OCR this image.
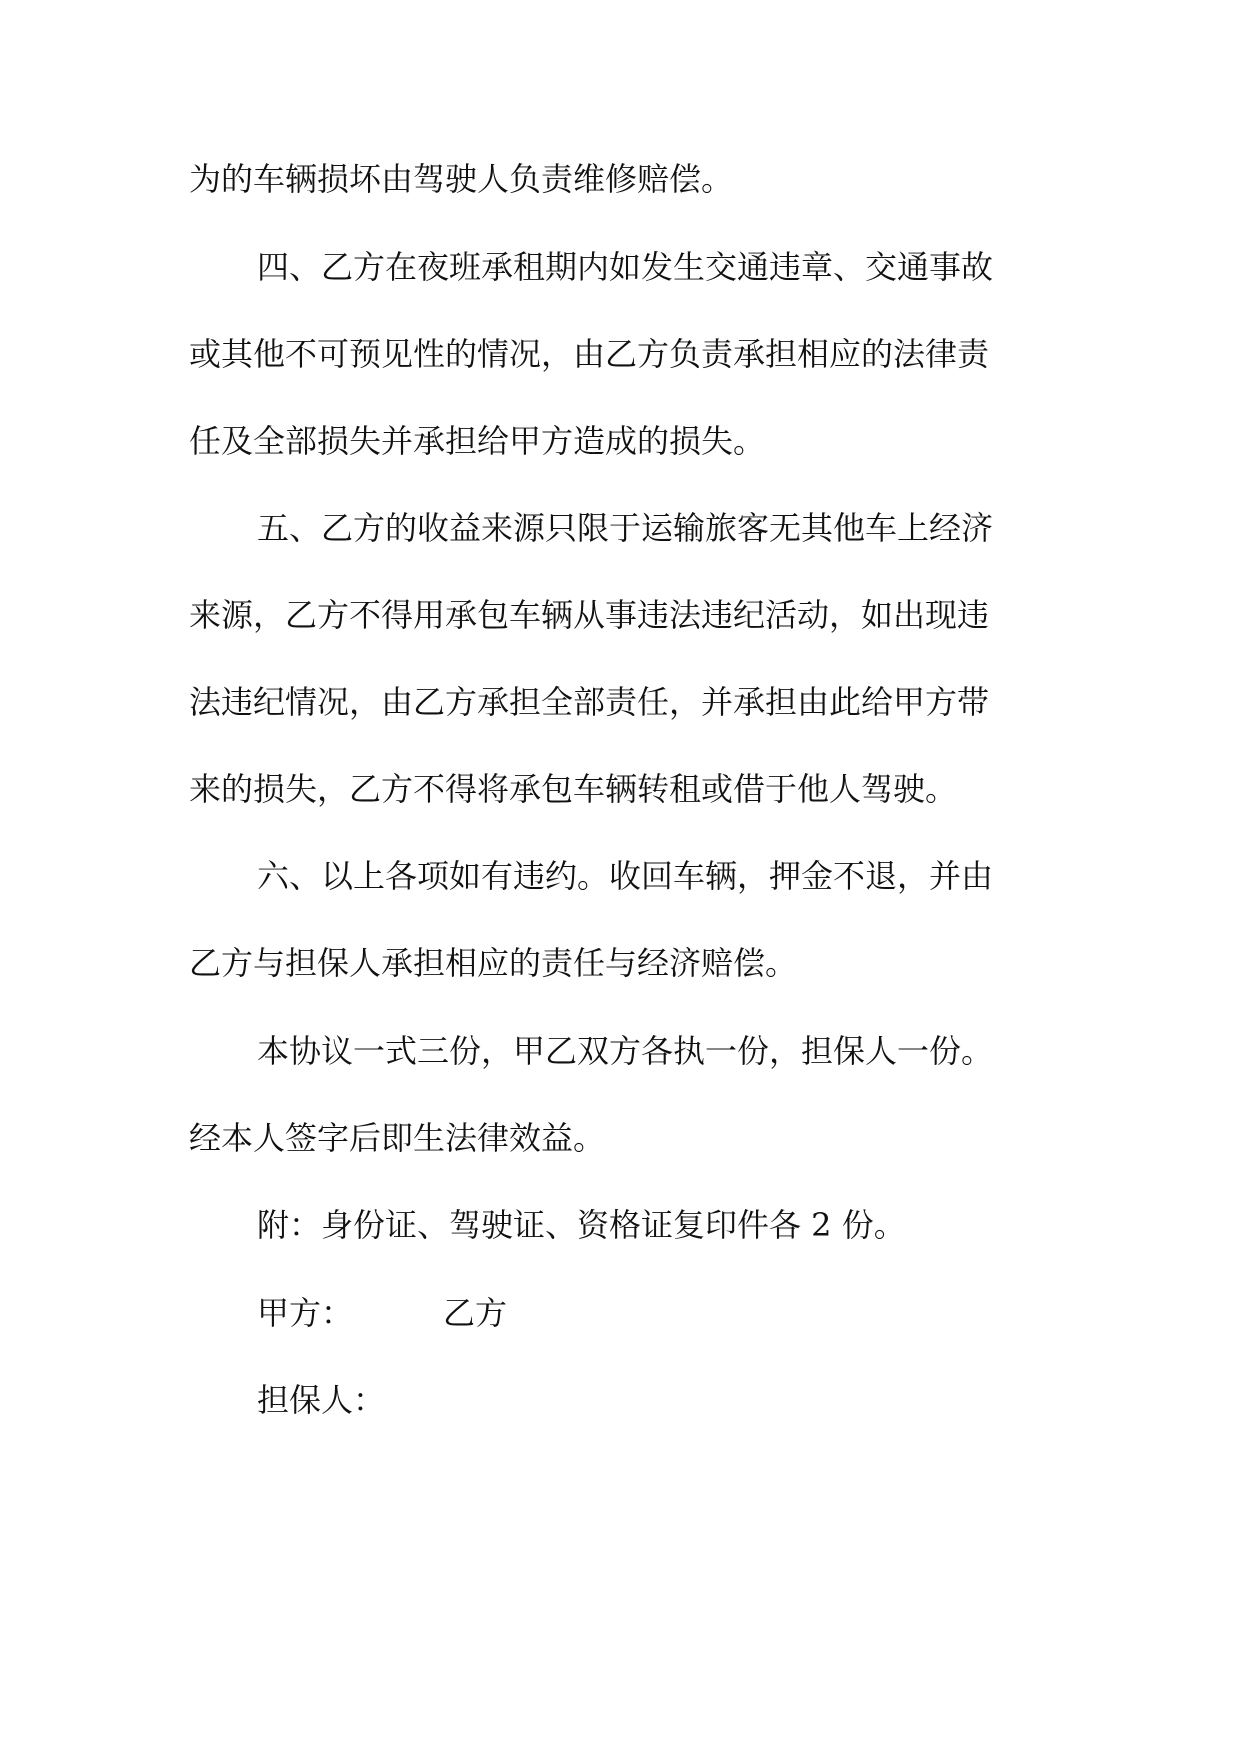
为的车辆损坏由驾驶人负责维修赔偿。
四、乙方在夜班承租期内如发生交通违章、交通事故
或其他不可预见性的情况，由乙方负责承担相应的法律责
任及全部损失并承担给甲方造成的损失。
五、乙方的收益来源只限于运输旅客无其他车上经济
来源，乙方不得用承包车辆从事违法违纪活动，如出现违
法违纪情况，由乙方承担全部责任，并承担由此给甲方带
来的损失，乙方不得将承包车辆转租或借于他人驾驶。
六、以上各项如有违约。收回车辆，押金不退，并由
乙方与担保人承担相应的责任与经济赔偿。
本协议一式三份，甲乙双方各执一份，担保人一份。
经本人签字后即生法律效益。
附：身份证、驾驶证、资格证复印件各 2 份。
甲方：	乙方
担保人：
